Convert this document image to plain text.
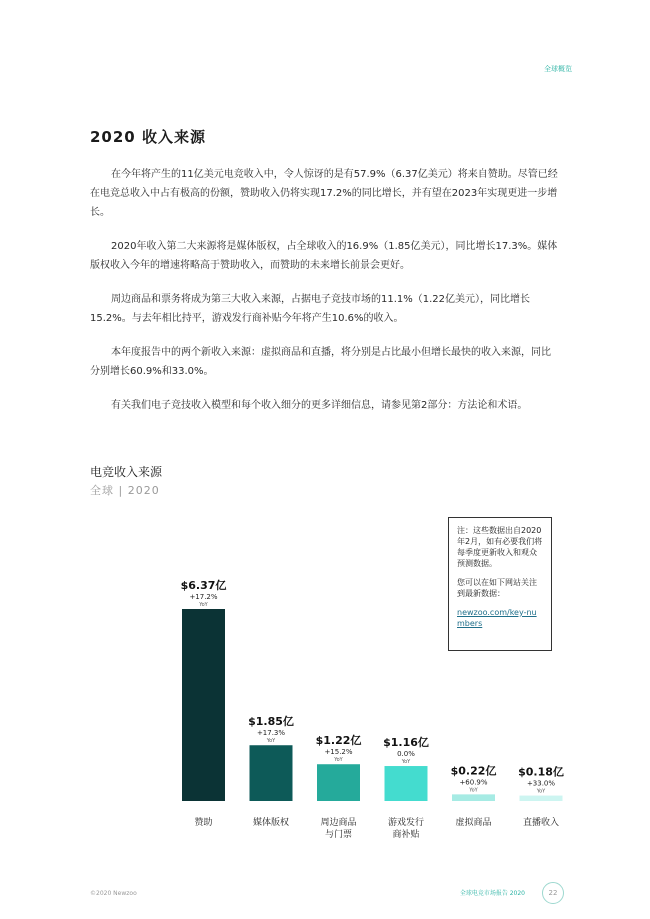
全球概览
2020 收入来源

在今年将产生的11亿美元电竞收入中，令人惊讶的是有57.9%（6.37亿美元）将来自赞助。尽管已经在电竞总收入中占有极高的份额，赞助收入仍将实现17.2%的同比增长，并有望在2023年实现更进一步增长。

2020年收入第二大来源将是媒体版权，占全球收入的16.9%（1.85亿美元），同比增长17.3%。媒体版权收入今年的增速将略高于赞助收入，而赞助的未来增长前景会更好。

周边商品和票务将成为第三大收入来源，占据电子竞技市场的11.1%（1.22亿美元），同比增长15.2%。与去年相比持平，游戏发行商补贴今年将产生10.6%的收入。

本年度报告中的两个新收入来源：虚拟商品和直播，将分别是占比最小但增长最快的收入来源，同比分别增长60.9%和33.0%。

有关我们电子竞技收入模型和每个收入细分的更多详细信息，请参见第2部分：方法论和术语。

电竞收入来源
全球 | 2020

注：这些数据出自2020年2月，如有必要我们将每季度更新收入和观众预测数据。

您可以在如下网站关注到最新数据：

newzoo.com/key-numbers
$6.37亿
+17.2%
YoY
赞助
$1.85亿
+17.3%
YoY
媒体版权
$1.22亿
+15.2%
YoY
周边商品
与门票
$1.16亿
0.0%
YoY
游戏发行
商补贴
$0.22亿
+60.9%
YoY
虚拟商品
$0.18亿
+33.0%
YoY
直播收入
©2020 Newzoo	全球电竞市场报告 2020	22
